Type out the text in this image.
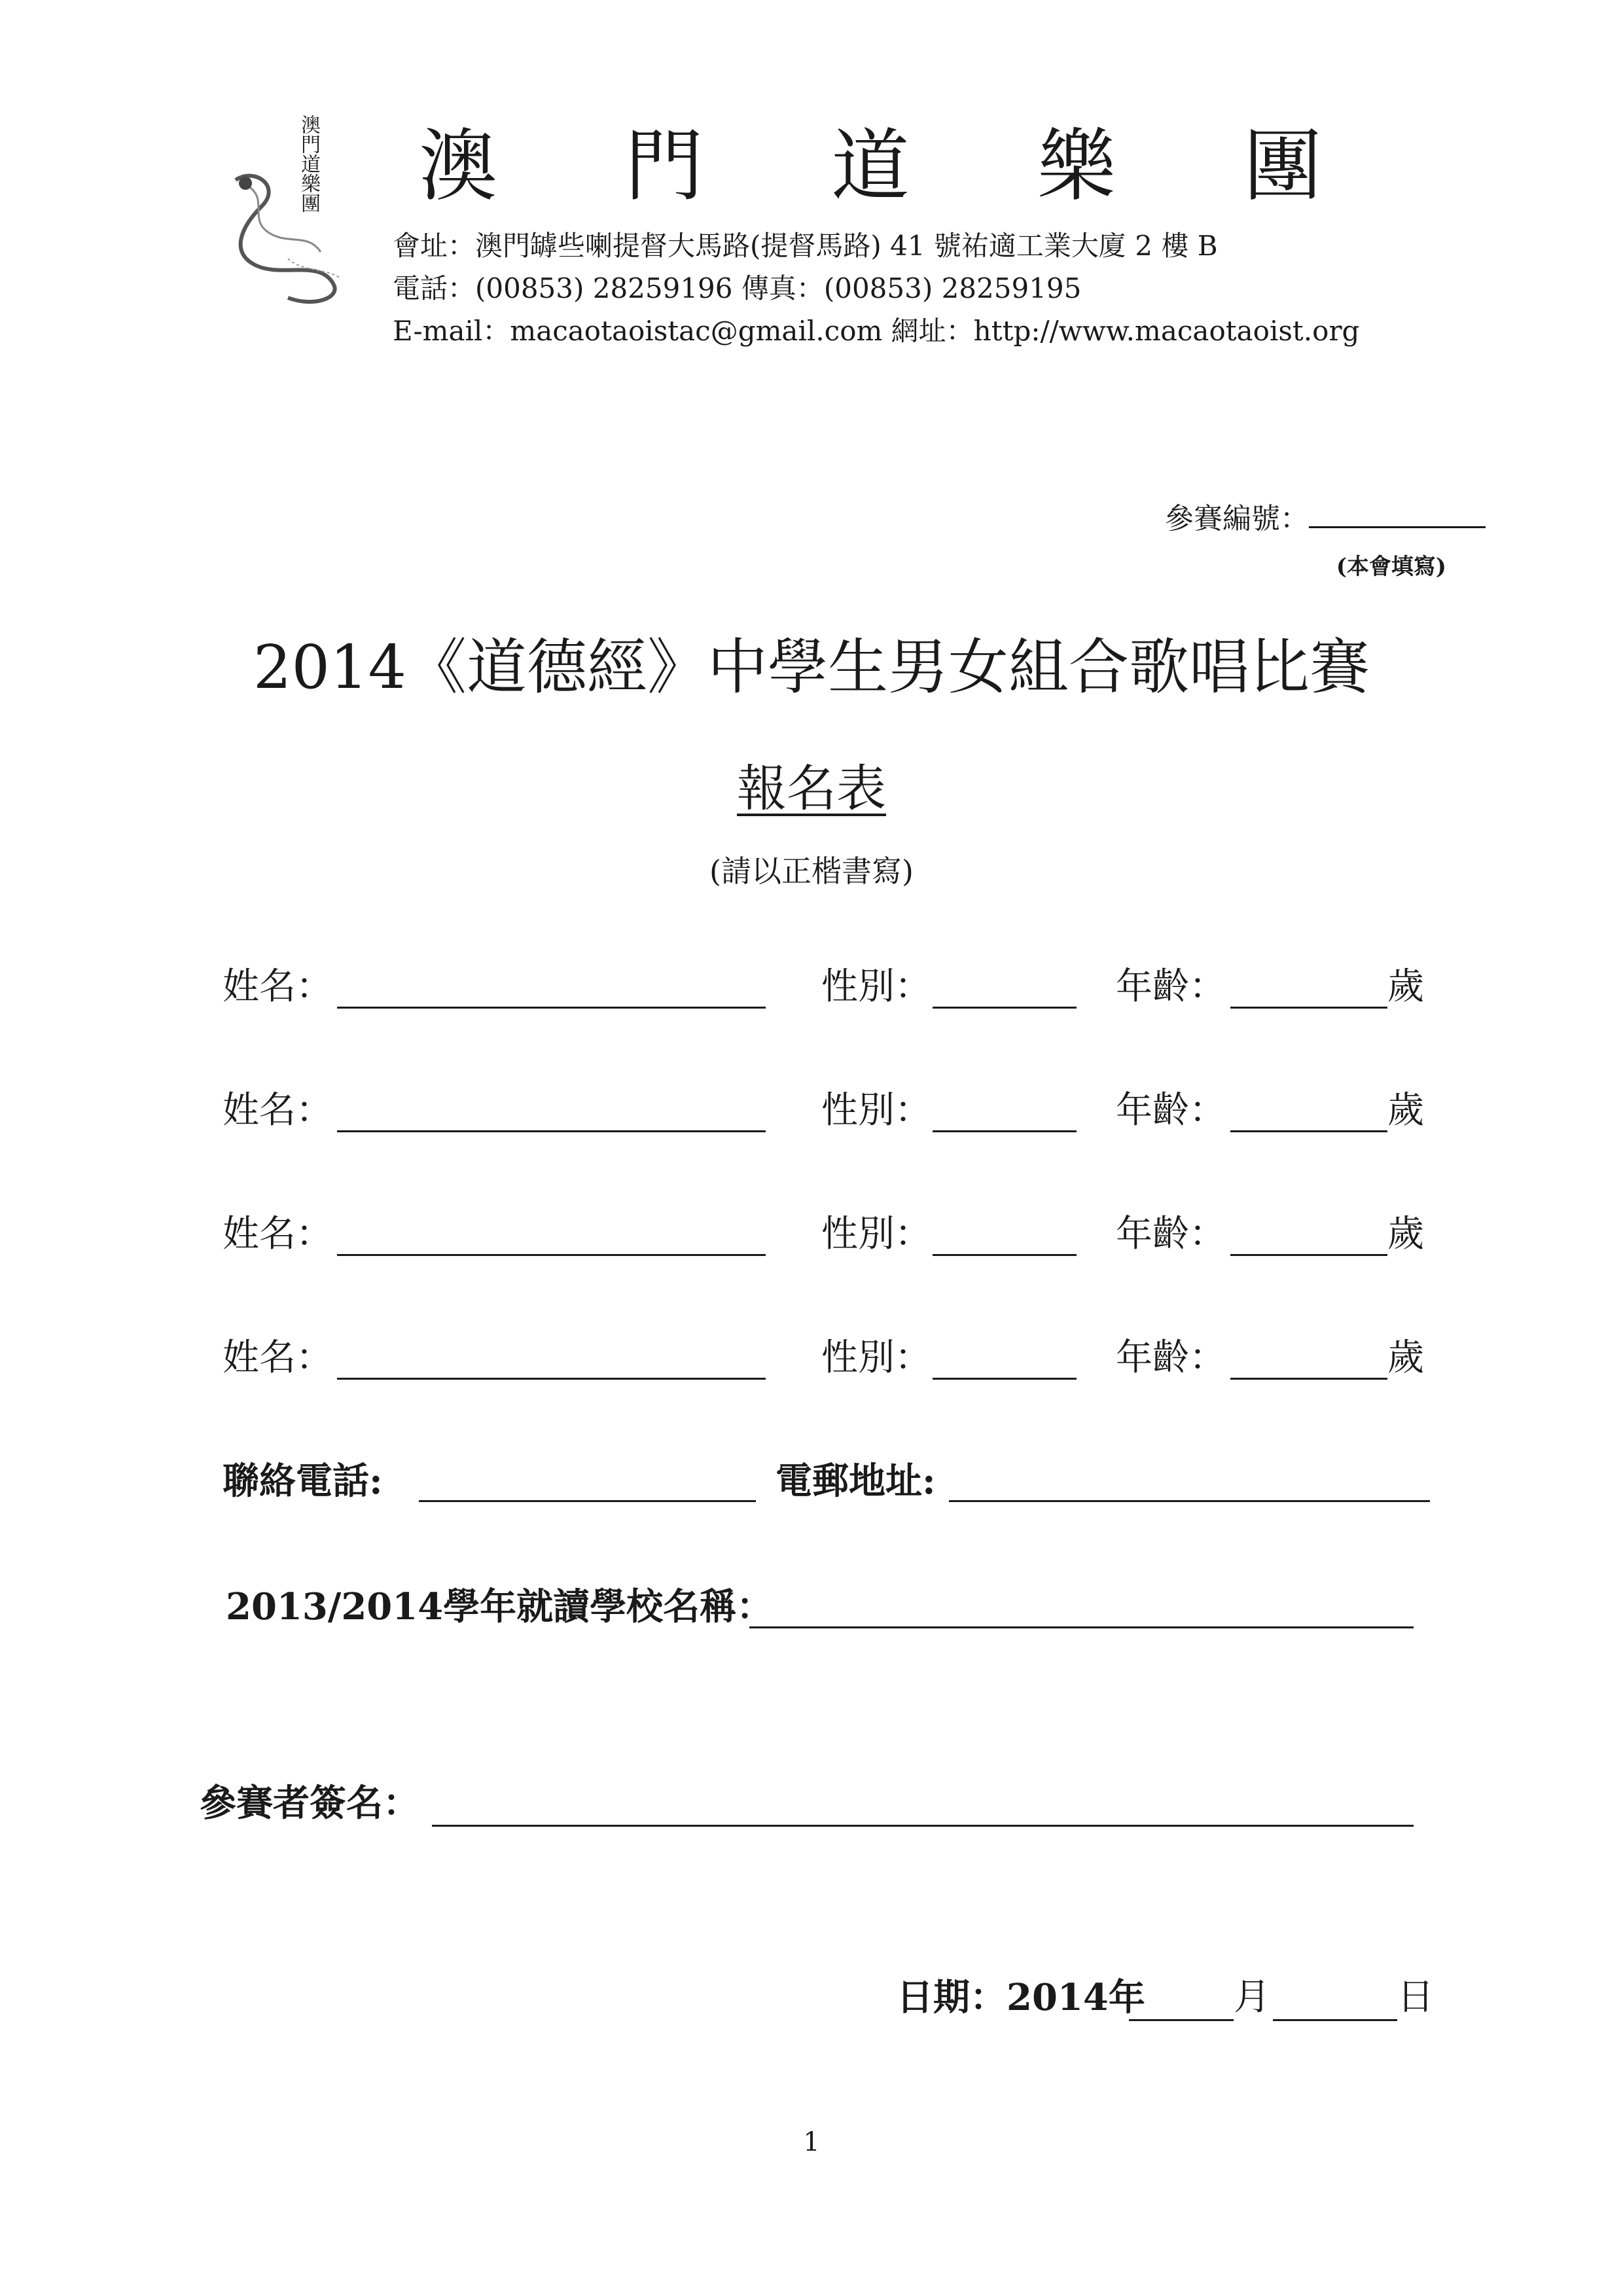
澳門道樂團 澳 門 道 樂 團
會址：澳門罅些喇提督大馬路(提督馬路) 41 號祐適工業大廈 2 樓 B
電話：(00853) 28259196 傳真：(00853) 28259195
E-mail：macaotaoistac@gmail.com 網址：http://www.macaotaoist.org
參賽編號：
(本會填寫)
2014《道德經》中學生男女組合歌唱比賽
報名表
(請以正楷書寫)
姓名：	性別：	年齡：	歲
姓名：	性別：	年齡：	歲
姓名：	性別：	年齡：	歲
姓名：	性別：	年齡：	歲
聯絡電話:	電郵地址:
2013/2014學年就讀學校名稱：
參賽者簽名：
日期：2014年 月	日
1
